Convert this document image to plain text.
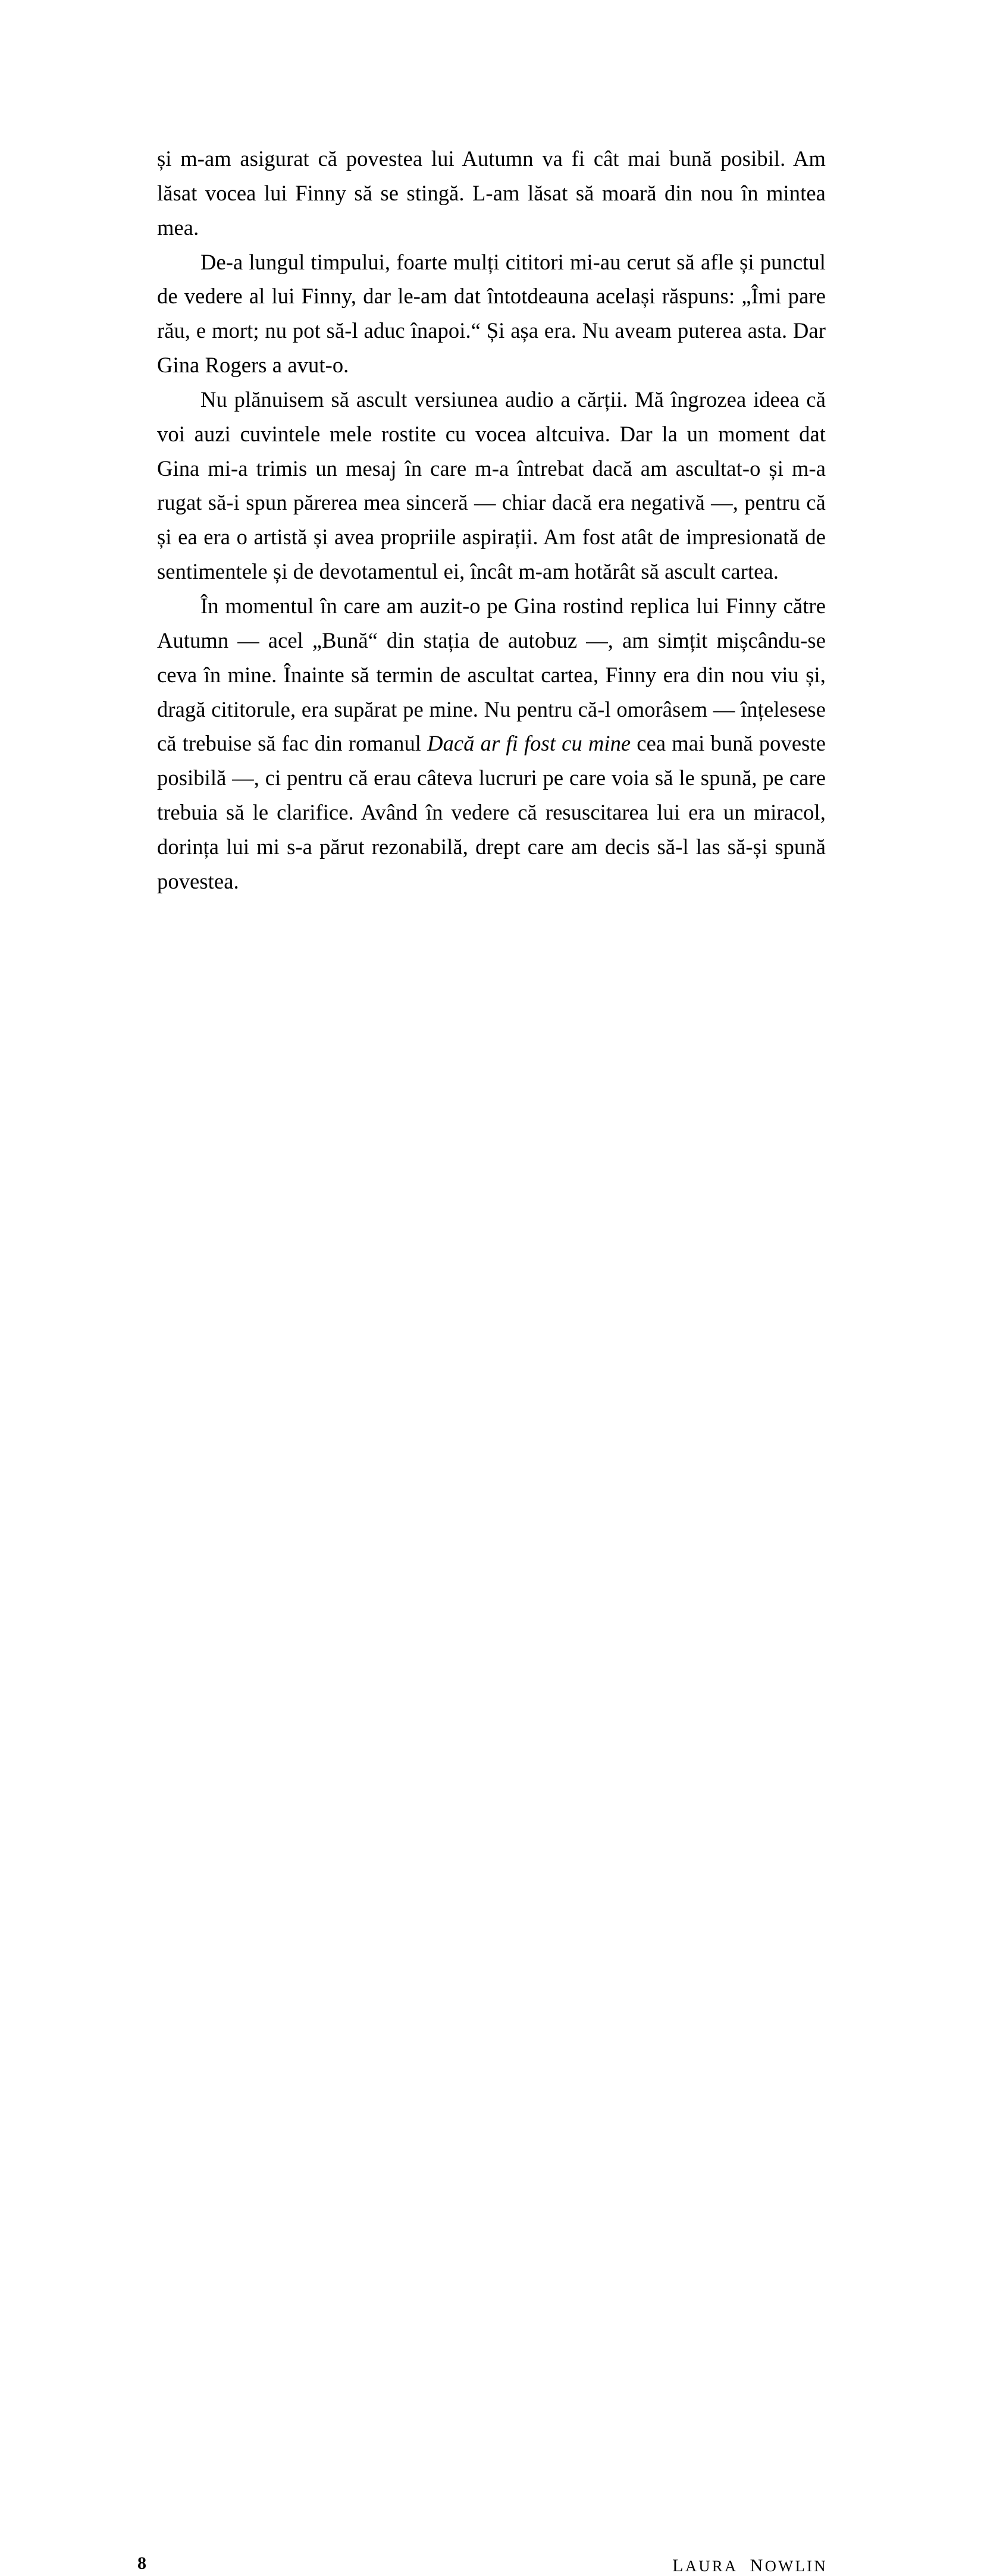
și m-am asigurat că povestea lui Autumn va fi cât mai bună posibil. Am lăsat vocea lui Finny să se stingă. L-am lăsat să moară din nou în mintea mea.

De-a lungul timpului, foarte mulți cititori mi-au cerut să afle și punctul de vedere al lui Finny, dar le-am dat întotdeauna același răspuns: „Îmi pare rău, e mort; nu pot să-l aduc înapoi.“ Și așa era. Nu aveam puterea asta. Dar Gina Rogers a avut-o.

Nu plănuisem să ascult versiunea audio a cărții. Mă îngrozea ideea că voi auzi cuvintele mele rostite cu vocea altcuiva. Dar la un moment dat Gina mi-a trimis un mesaj în care m-a întrebat dacă am ascultat-o și m-a rugat să-i spun părerea mea sinceră — chiar dacă era negativă —, pentru că și ea era o artistă și avea propriile aspirații. Am fost atât de impresionată de sentimentele și de devotamentul ei, încât m-am hotărât să ascult cartea.

În momentul în care am auzit-o pe Gina rostind replica lui Finny către Autumn — acel „Bună“ din stația de autobuz —, am simțit mișcându-se ceva în mine. Înainte să termin de ascultat cartea, Finny era din nou viu și, dragă cititorule, era supărat pe mine. Nu pentru că-l omorâsem — înțelesese că trebuise să fac din romanul Dacă ar fi fost cu mine cea mai bună poveste posibilă —, ci pentru că erau câteva lucruri pe care voia să le spună, pe care trebuia să le clarifice. Având în vedere că resuscitarea lui era un miracol, dorința lui mi s-a părut rezonabilă, drept care am decis să-l las să-și spună povestea.

8	LAURA NOWLIN
